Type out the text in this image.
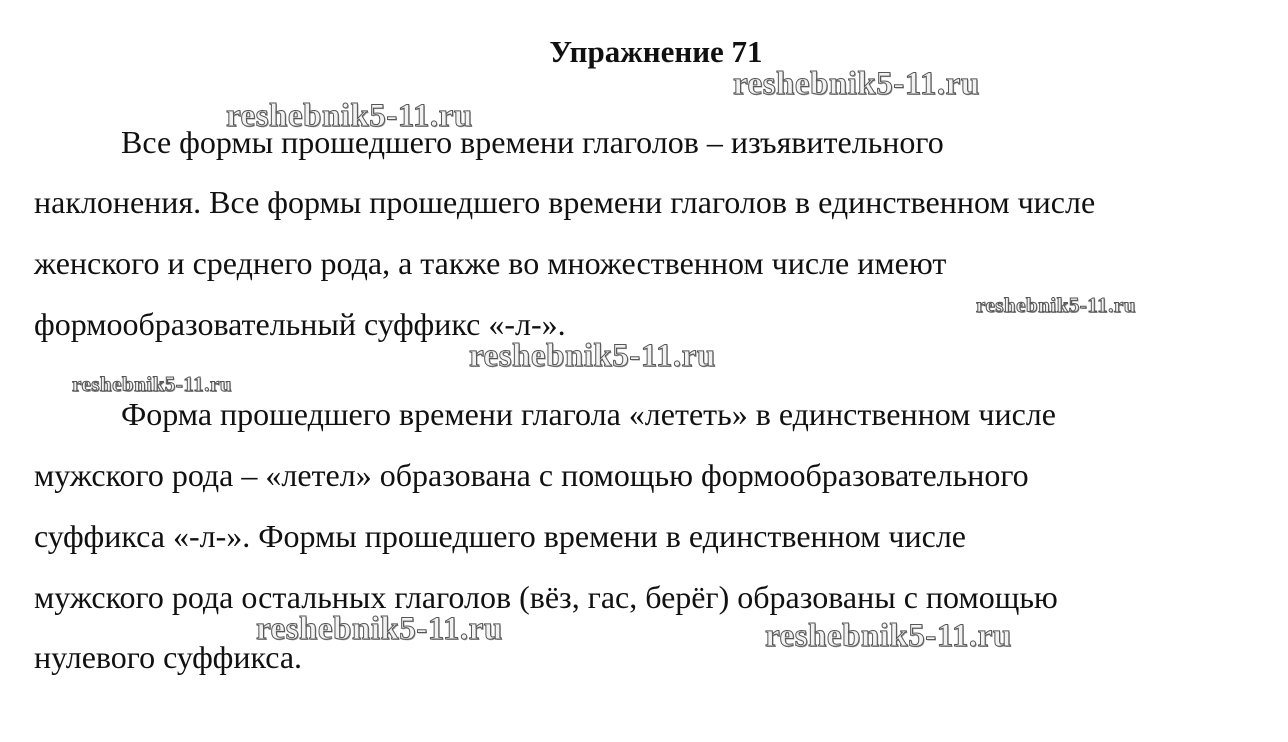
Упражнение 71
Все формы прошедшего времени глаголов – изъявительного
наклонения. Все формы прошедшего времени глаголов в единственном числе
женского и среднего рода, а также во множественном числе имеют
формообразовательный суффикс «-л-».
Форма прошедшего времени глагола «лететь» в единственном числе
мужского рода – «летел» образована с помощью формообразовательного
суффикса «-л-». Формы прошедшего времени в единственном числе
мужского рода остальных глаголов (вёз, гас, берёг) образованы с помощью
нулевого суффикса.
reshebnik5-11.ru
reshebnik5-11.ru
reshebnik5-11.ru
reshebnik5-11.ru
reshebnik5-11.ru
reshebnik5-11.ru	reshebnik5-11.ru
